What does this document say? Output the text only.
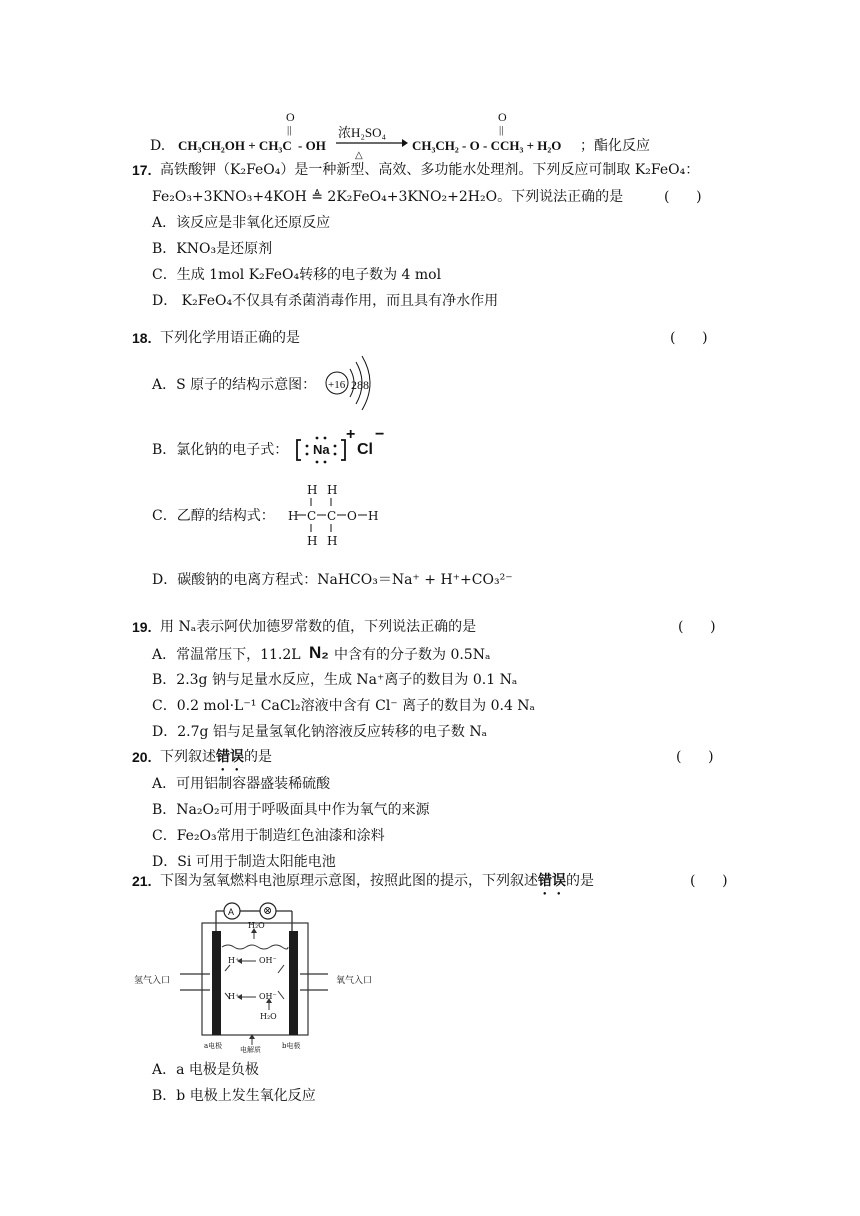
D. CH₃CH₂OH + CH₃C
O
||
- OH
浓H₂SO₄
△
CH₃CH₂ - O - CCH₃ + H₂O
O
||
；酯化反应
17. 高铁酸钾（K₂FeO₄）是一种新型、高效、多功能水处理剂。下列反应可制取 K₂FeO₄：
Fe₂O₃+3KNO₃+4KOH ≜ 2K₂FeO₄+3KNO₂+2H₂O。下列说法正确的是	(      )
A．该反应是非氧化还原反应
B．KNO₃是还原剂
C．生成 1mol K₂FeO₄转移的电子数为 4 mol
D． K₂FeO₄不仅具有杀菌消毒作用，而且具有净水作用
18. 下列化学用语正确的是	(      )
A．S 原子的结构示意图： +16 288
B．氯化钠的电子式： Na
+
Cl
−
C．乙醇的结构式：
H H
H C C O H
H H
D．碳酸钠的电离方程式：NaHCO₃＝Na⁺ + H⁺+CO₃²⁻
19. 用 Nₐ表示阿伏加德罗常数的值，下列说法正确的是	(      )
A．常温常压下，11.2L N₂ 中含有的分子数为 0.5Nₐ
B．2.3g 钠与足量水反应，生成 Na⁺离子的数目为 0.1 Nₐ
C．0.2 mol·L⁻¹ CaCl₂溶液中含有 Cl⁻ 离子的数目为 0.4 Nₐ
D．2.7g 铝与足量氢氧化钠溶液反应转移的电子数 Nₐ
20. 下列叙述错误的是	(      )
A．可用铝制容器盛装稀硫酸
B．Na₂O₂可用于呼吸面具中作为氧气的来源
C．Fe₂O₃常用于制造红色油漆和涂料
D．Si 可用于制造太阳能电池
21. 下图为氢氧燃料电池原理示意图，按照此图的提示，下列叙述错误的是	(      )
A	⊗
H₂O
H⁺ OH⁻
H⁺ OH⁻
H₂O
氢气入口	氧气入口
a电极	电解质	b电极
A．a 电极是负极
B．b 电极上发生氧化反应
